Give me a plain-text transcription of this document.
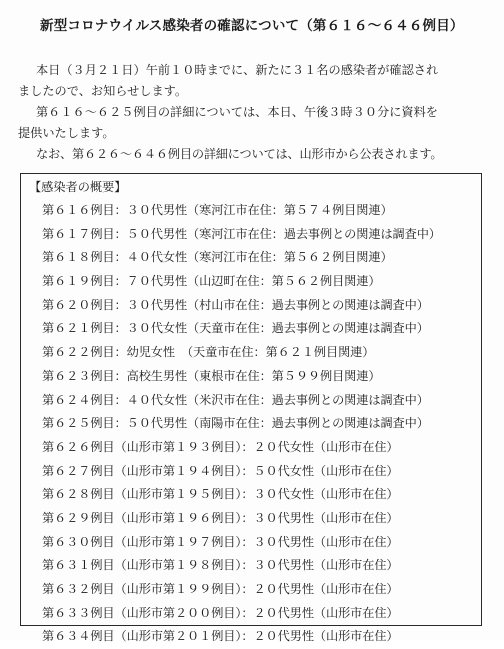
新型コロナウイルス感染者の確認について（第６１６～６４６例目）
本日（３月２１日）午前１０時までに、新たに３１名の感染者が確認され
ましたので、お知らせします。
第６１６～６２５例目の詳細については、本日、午後３時３０分に資料を
提供いたします。
なお、第６２６～６４６例目の詳細については、山形市から公表されます。
【感染者の概要】
第６１６例目：３０代男性（寒河江市在住：第５７４例目関連）
第６１７例目：５０代男性（寒河江市在住：過去事例との関連は調査中）
第６１８例目：４０代女性（寒河江市在住：第５６２例目関連）
第６１９例目：７０代男性（山辺町在住：第５６２例目関連）
第６２０例目：３０代男性（村山市在住：過去事例との関連は調査中）
第６２１例目：３０代女性（天童市在住：過去事例との関連は調査中）
第６２２例目：幼児女性　（天童市在住：第６２１例目関連）
第６２３例目：高校生男性（東根市在住：第５９９例目関連）
第６２４例目：４０代女性（米沢市在住：過去事例との関連は調査中）
第６２５例目：５０代男性（南陽市在住：過去事例との関連は調査中）
第６２６例目（山形市第１９３例目）：２０代女性（山形市在住）
第６２７例目（山形市第１９４例目）：５０代女性（山形市在住）
第６２８例目（山形市第１９５例目）：３０代女性（山形市在住）
第６２９例目（山形市第１９６例目）：３０代男性（山形市在住）
第６３０例目（山形市第１９７例目）：３０代男性（山形市在住）
第６３１例目（山形市第１９８例目）：３０代男性（山形市在住）
第６３２例目（山形市第１９９例目）：２０代男性（山形市在住）
第６３３例目（山形市第２００例目）：２０代男性（山形市在住）
第６３４例目（山形市第２０１例目）：２０代男性（山形市在住）
